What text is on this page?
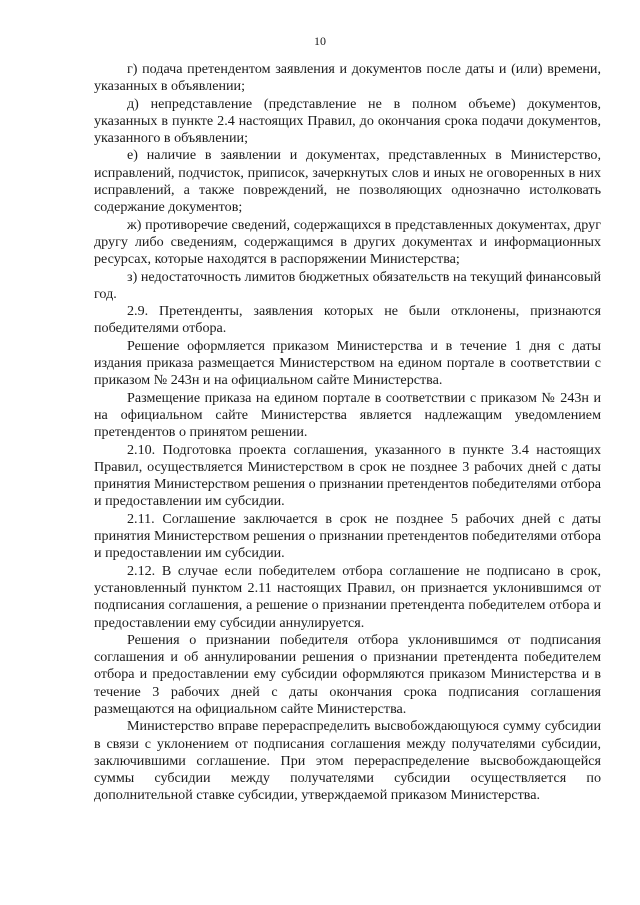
10

г) подача претендентом заявления и документов после даты и (или) времени, указанных в объявлении;

д) непредставление (представление не в полном объеме) документов, указанных в пункте 2.4 настоящих Правил, до окончания срока подачи документов, указанного в объявлении;

е) наличие в заявлении и документах, представленных в Министерство, исправлений, подчисток, приписок, зачеркнутых слов и иных не оговоренных в них исправлений, а также повреждений, не позволяющих однозначно истолковать содержание документов;

ж) противоречие сведений, содержащихся в представленных документах, друг другу либо сведениям, содержащимся в других документах и информационных ресурсах, которые находятся в распоряжении Министерства;

з) недостаточность лимитов бюджетных обязательств на текущий финансовый год.

2.9. Претенденты, заявления которых не были отклонены, признаются победителями отбора.

Решение оформляется приказом Министерства и в течение 1 дня с даты издания приказа размещается Министерством на едином портале в соответствии с приказом № 243н и на официальном сайте Министерства.

Размещение приказа на едином портале в соответствии с приказом № 243н и на официальном сайте Министерства является надлежащим уведомлением претендентов о принятом решении.

2.10. Подготовка проекта соглашения, указанного в пункте 3.4 настоящих Правил, осуществляется Министерством в срок не позднее 3 рабочих дней с даты принятия Министерством решения о признании претендентов победителями отбора и предоставлении им субсидии.

2.11. Соглашение заключается в срок не позднее 5 рабочих дней с даты принятия Министерством решения о признании претендентов победителями отбора и предоставлении им субсидии.

2.12. В случае если победителем отбора соглашение не подписано в срок, установленный пунктом 2.11 настоящих Правил, он признается уклонившимся от подписания соглашения, а решение о признании претендента победителем отбора и предоставлении ему субсидии аннулируется.

Решения о признании победителя отбора уклонившимся от подписания соглашения и об аннулировании решения о признании претендента победителем отбора и предоставлении ему субсидии оформляются приказом Министерства и в течение 3 рабочих дней с даты окончания срока подписания соглашения размещаются на официальном сайте Министерства.

Министерство вправе перераспределить высвобождающуюся сумму субсидии в связи с уклонением от подписания соглашения между получателями субсидии, заключившими соглашение. При этом перераспределение высвобождающейся суммы субсидии между получателями субсидии осуществляется по дополнительной ставке субсидии, утверждаемой приказом Министерства.
